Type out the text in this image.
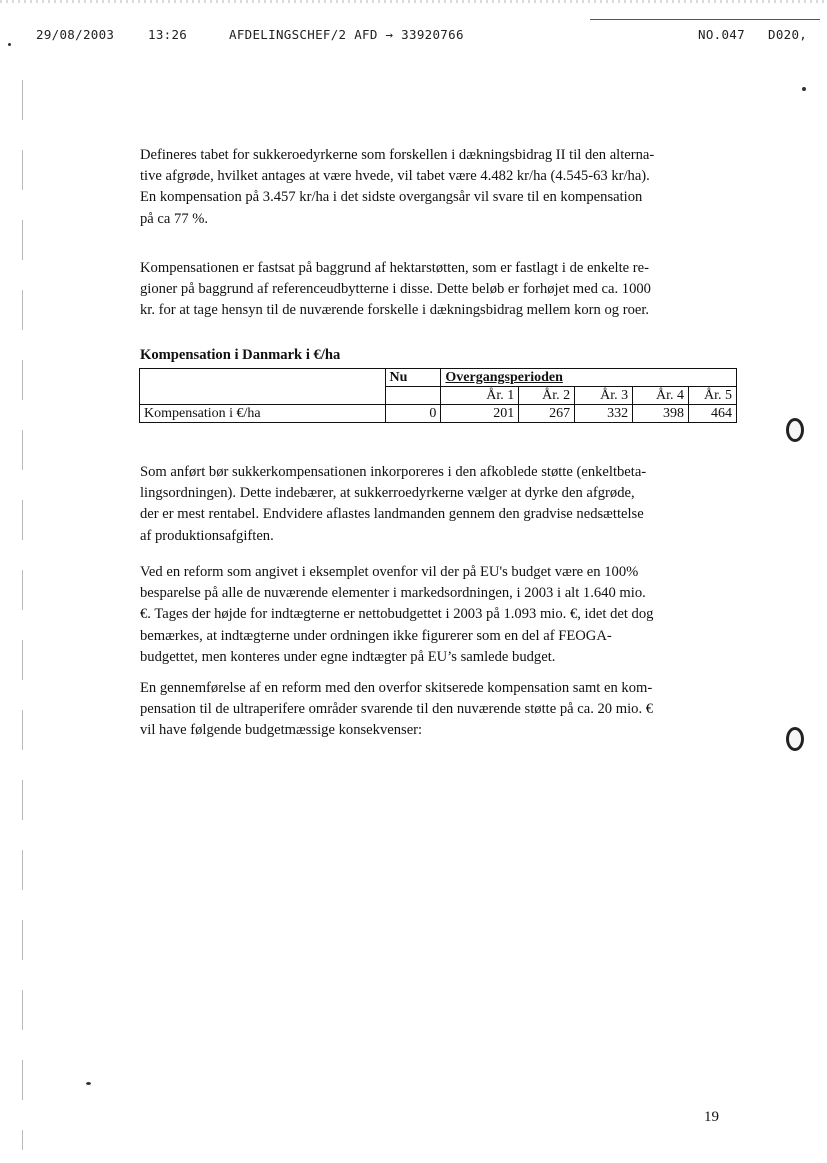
29/08/2003	13:26	AFDELINGSCHEF/2 AFD → 33920766	NO.047 D020,
Defineres tabet for sukkeroedyrkerne som forskellen i dækningsbidrag II til den alterna-
tive afgrøde, hvilket antages at være hvede, vil tabet være 4.482 kr/ha (4.545-63 kr/ha).
En kompensation på 3.457 kr/ha i det sidste overgangsår vil svare til en kompensation
på ca 77 %.
Kompensationen er fastsat på baggrund af hektarstøtten, som er fastlagt i de enkelte re-
gioner på baggrund af referenceudbytterne i disse. Dette beløb er forhøjet med ca. 1000
kr. for at tage hensyn til de nuværende forskelle i dækningsbidrag mellem korn og roer.
Kompensation i Danmark i €/ha
	Nu	Overgangsperioden				
		År. 1	År. 2	År. 3	År. 4	År. 5
Kompensation i €/ha	0	201	267	332	398	464
Som anført bør sukkerkompensationen inkorporeres i den afkoblede støtte (enkeltbeta-
lingsordningen). Dette indebærer, at sukkerroedyrkerne vælger at dyrke den afgrøde,
der er mest rentabel. Endvidere aflastes landmanden gennem den gradvise nedsættelse
af produktionsafgiften.
Ved en reform som angivet i eksemplet ovenfor vil der på EU's budget være en 100%
besparelse på alle de nuværende elementer i markedsordningen, i 2003 i alt 1.640 mio.
€. Tages der højde for indtægterne er nettobudgettet i 2003 på 1.093 mio. €, idet det dog
bemærkes, at indtægterne under ordningen ikke figurerer som en del af FEOGA-
budgettet, men konteres under egne indtægter på EU’s samlede budget.
En gennemførelse af en reform med den overfor skitserede kompensation samt en kom-
pensation til de ultraperifere områder svarende til den nuværende støtte på ca. 20 mio. €
vil have følgende budgetmæssige konsekvenser:
19
